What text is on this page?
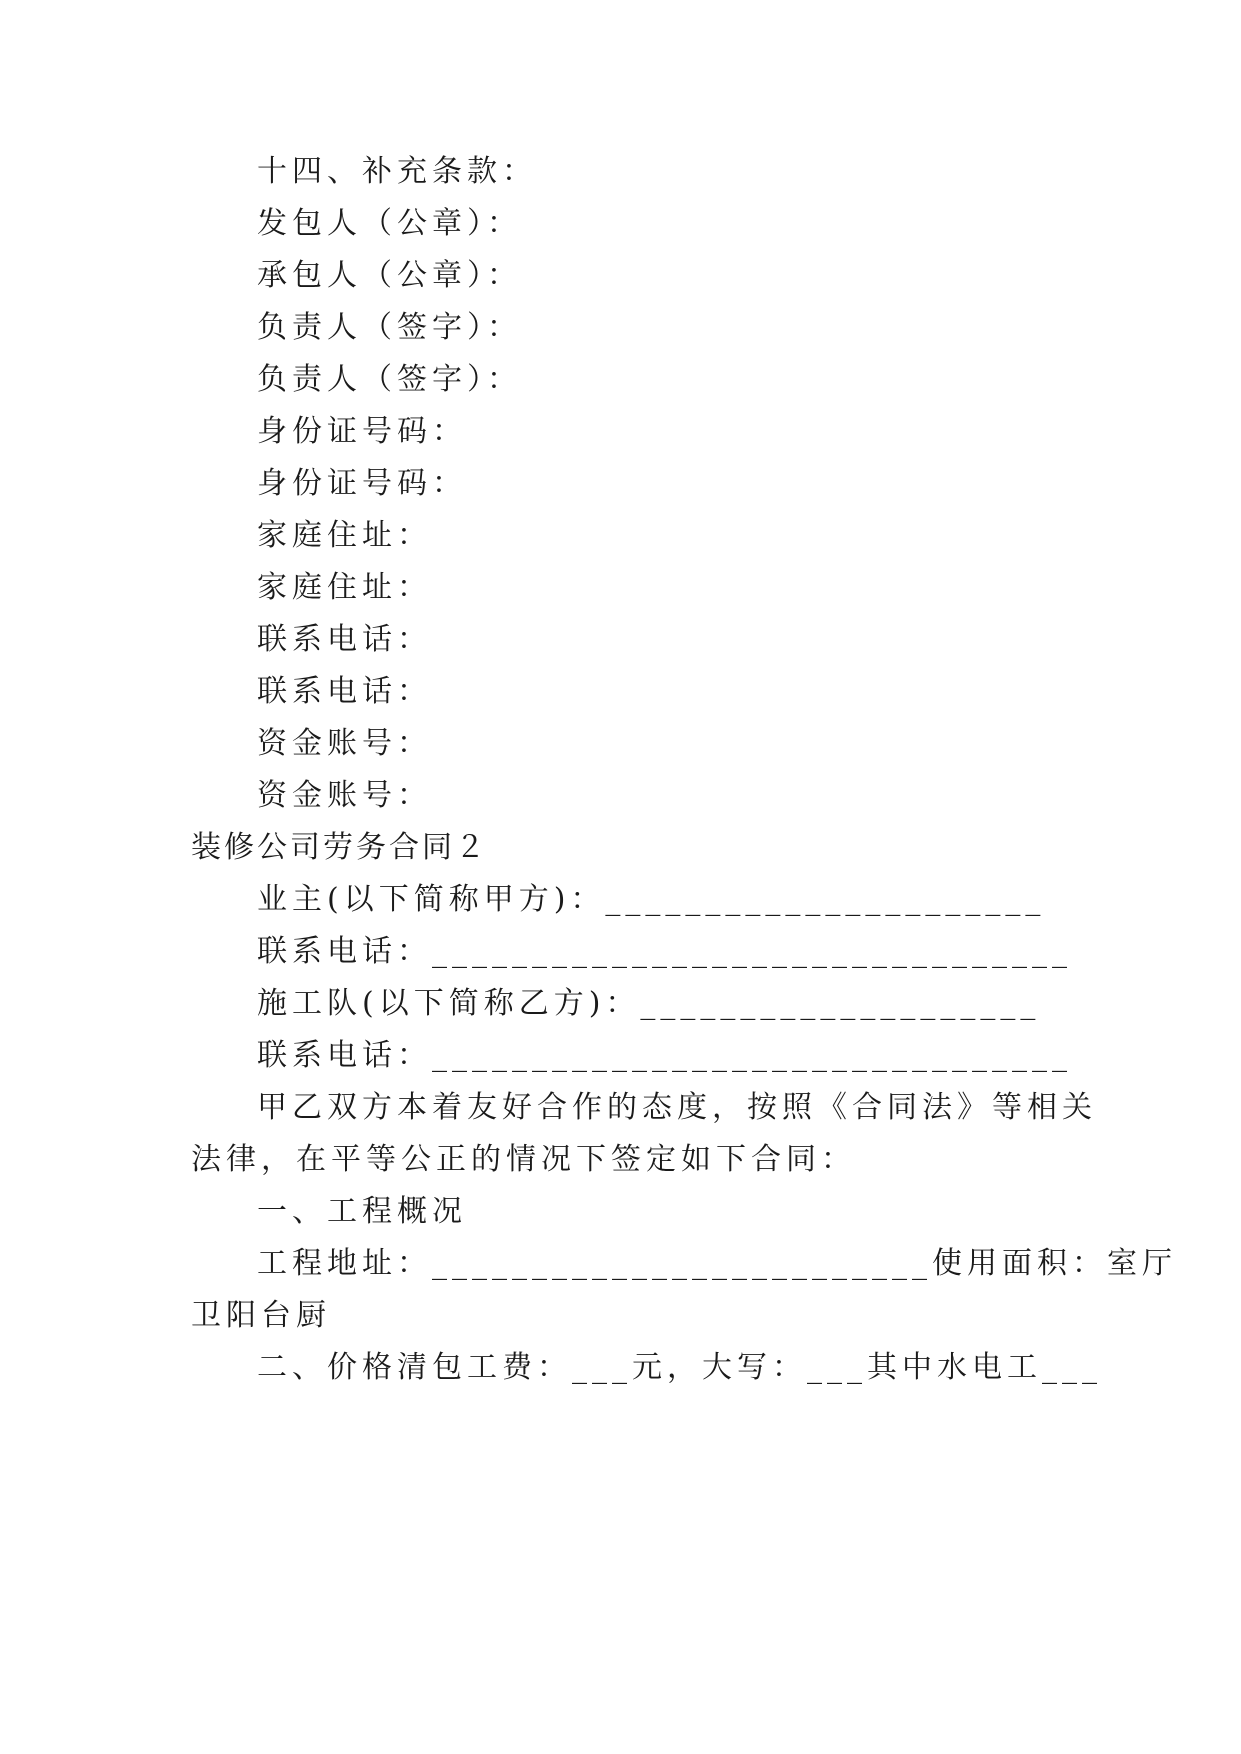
十四、补充条款：
发包人（公章）：
承包人（公章）：
负责人（签字）：
负责人（签字）：
身份证号码：
身份证号码：
家庭住址：
家庭住址：
联系电话：
联系电话：
资金账号：
资金账号：
装修公司劳务合同２
业主(以下简称甲方)：______________________
联系电话：________________________________
施工队(以下简称乙方)：____________________
联系电话：________________________________
甲乙双方本着友好合作的态度，按照《合同法》等相关
法律，在平等公正的情况下签定如下合同：
一、工程概况
工程地址：_________________________使用面积：室厅
卫阳台厨
二、价格清包工费：___元，大写：___其中水电工___
